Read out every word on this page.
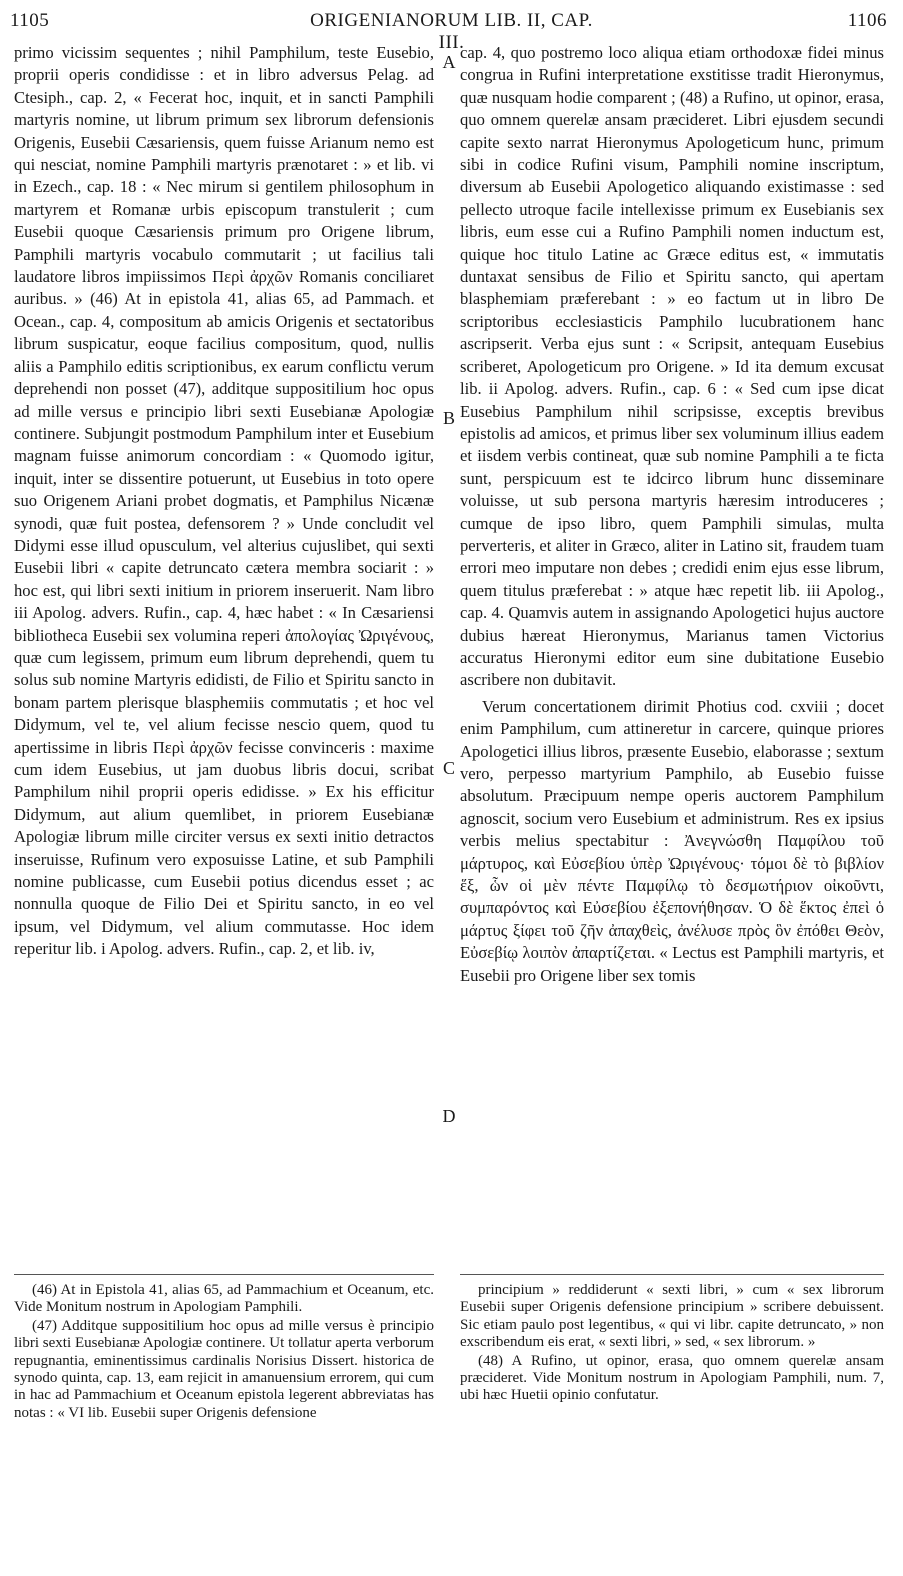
1105	ORIGENIANORUM LIB. II, CAP. III.
1106

primo vicissim sequentes ; nihil Pamphilum, teste Eusebio, proprii operis condidisse : et in libro adversus Pelag. ad Ctesiph., cap. 2, « Fecerat hoc, inquit, et in sancti Pamphili martyris nomine, ut librum primum sex librorum defensionis Origenis, Eusebii Cæsariensis, quem fuisse Arianum nemo est qui nesciat, nomine Pamphili martyris prænotaret : » et lib. vi in Ezech., cap. 18 : « Nec mirum si gentilem philosophum in martyrem et Romanæ urbis episcopum transtulerit ; cum Eusebii quoque Cæsariensis primum pro Origene librum, Pamphili martyris vocabulo commutarit ; ut facilius tali laudatore libros impiissimos Περὶ ἀρχῶν Romanis conciliaret auribus. » (46) At in epistola 41, alias 65, ad Pammach. et Ocean., cap. 4, compositum ab amicis Origenis et sectatoribus librum suspicatur, eoque facilius compositum, quod, nullis aliis a Pamphilo editis scriptionibus, ex earum conflictu verum deprehendi non posset (47), additque suppositilium hoc opus ad mille versus e principio libri sexti Eusebianæ Apologiæ continere. Subjungit postmodum Pamphilum inter et Eusebium magnam fuisse animorum concordiam : « Quomodo igitur, inquit, inter se dissentire potuerunt, ut Eusebius in toto opere suo Origenem Ariani probet dogmatis, et Pamphilus Nicænæ synodi, quæ fuit postea, defensorem ? » Unde concludit vel Didymi esse illud opusculum, vel alterius cujuslibet, qui sexti Eusebii libri « capite detruncato cætera membra sociarit : » hoc est, qui libri sexti initium in priorem inseruerit. Nam libro iii Apolog. advers. Rufin., cap. 4, hæc habet : « In Cæsariensi bibliotheca Eusebii sex volumina reperi ἀπολογίας Ὠριγένους, quæ cum legissem, primum eum librum deprehendi, quem tu solus sub nomine Martyris edidisti, de Filio et Spiritu sancto in bonam partem plerisque blasphemiis commutatis ; et hoc vel Didymum, vel te, vel alium fecisse nescio quem, quod tu apertissime in libris Περὶ ἀρχῶν fecisse convinceris : maxime cum idem Eusebius, ut jam duobus libris docui, scribat Pamphilum nihil proprii operis edidisse. » Ex his efficitur Didymum, aut alium quemlibet, in priorem Eusebianæ Apologiæ librum mille circiter versus ex sexti initio detractos inseruisse, Rufinum vero exposuisse Latine, et sub Pamphili nomine publicasse, cum Eusebii potius dicendus esset ; ac nonnulla quoque de Filio Dei et Spiritu sancto, in eo vel ipsum, vel Didymum, vel alium commutasse. Hoc idem reperitur lib. i Apolog. advers. Rufin., cap. 2, et lib. iv,

A
B
C
D

cap. 4, quo postremo loco aliqua etiam orthodoxæ fidei minus congrua in Rufini interpretatione exstitisse tradit Hieronymus, quæ nusquam hodie comparent ; (48) a Rufino, ut opinor, erasa, quo omnem querelæ ansam præcideret. Libri ejusdem secundi capite sexto narrat Hieronymus Apologeticum hunc, primum sibi in codice Rufini visum, Pamphili nomine inscriptum, diversum ab Eusebii Apologetico aliquando existimasse : sed pellecto utroque facile intellexisse primum ex Eusebianis sex libris, eum esse cui a Rufino Pamphili nomen inductum est, quique hoc titulo Latine ac Græce editus est, « immutatis duntaxat sensibus de Filio et Spiritu sancto, qui apertam blasphemiam præferebant : » eo factum ut in libro De scriptoribus ecclesiasticis Pamphilo lucubrationem hanc ascripserit. Verba ejus sunt : « Scripsit, antequam Eusebius scriberet, Apologeticum pro Origene. » Id ita demum excusat lib. ii Apolog. advers. Rufin., cap. 6 : « Sed cum ipse dicat Eusebius Pamphilum nihil scripsisse, exceptis brevibus epistolis ad amicos, et primus liber sex voluminum illius eadem et iisdem verbis contineat, quæ sub nomine Pamphili a te ficta sunt, perspicuum est te idcirco librum hunc disseminare voluisse, ut sub persona martyris hæresim introduceres ; cumque de ipso libro, quem Pamphili simulas, multa perverteris, et aliter in Græco, aliter in Latino sit, fraudem tuam errori meo imputare non debes ; credidi enim ejus esse librum, quem titulus præferebat : » atque hæc repetit lib. iii Apolog., cap. 4. Quamvis autem in assignando Apologetici hujus auctore dubius hæreat Hieronymus, Marianus tamen Victorius accuratus Hieronymi editor eum sine dubitatione Eusebio ascribere non dubitavit.

Verum concertationem dirimit Photius cod. cxviii ; docet enim Pamphilum, cum attineretur in carcere, quinque priores Apologetici illius libros, præsente Eusebio, elaborasse ; sextum vero, perpesso martyrium Pamphilo, ab Eusebio fuisse absolutum. Præcipuum nempe operis auctorem Pamphilum agnoscit, socium vero Eusebium et administrum. Res ex ipsius verbis melius spectabitur : Ἀνεγνώσθη Παμφίλου τοῦ μάρτυρος, καὶ Εὐσεβίου ὑπὲρ Ὠριγένους· τόμοι δὲ τὸ βιβλίον ἕξ, ὧν οἱ μὲν πέντε Παμφίλῳ τὸ δεσμωτήριον οἰκοῦντι, συμπαρόντος καὶ Εὐσεβίου ἐξεπονήθησαν. Ὁ δὲ ἕκτος ἐπεὶ ὁ μάρτυς ξίφει τοῦ ζῆν ἀπαχθεὶς, ἀνέλυσε πρὸς ὃν ἐπόθει Θεὸν, Εὐσεβίῳ λοιπὸν ἀπαρτίζεται. « Lectus est Pamphili martyris, et Eusebii pro Origene liber sex tomis

(46) At in Epistola 41, alias 65, ad Pammachium et Oceanum, etc. Vide Monitum nostrum in Apologiam Pamphili.

(47) Additque suppositilium hoc opus ad mille versus è principio libri sexti Eusebianæ Apologiæ continere. Ut tollatur aperta verborum repugnantia, eminentissimus cardinalis Norisius Dissert. historica de synodo quinta, cap. 13, eam rejicit in amanuensium errorem, qui cum in hac ad Pammachium et Oceanum epistola legerent abbreviatas has notas : « VI lib. Eusebii super Origenis defensione

principium » reddiderunt « sexti libri, » cum « sex librorum Eusebii super Origenis defensione principium » scribere debuissent. Sic etiam paulo post legentibus, « qui vi libr. capite detruncato, » non exscribendum eis erat, « sexti libri, » sed, « sex librorum. »

(48) A Rufino, ut opinor, erasa, quo omnem querelæ ansam præcideret. Vide Monitum nostrum in Apologiam Pamphili, num. 7, ubi hæc Huetii opinio confutatur.
